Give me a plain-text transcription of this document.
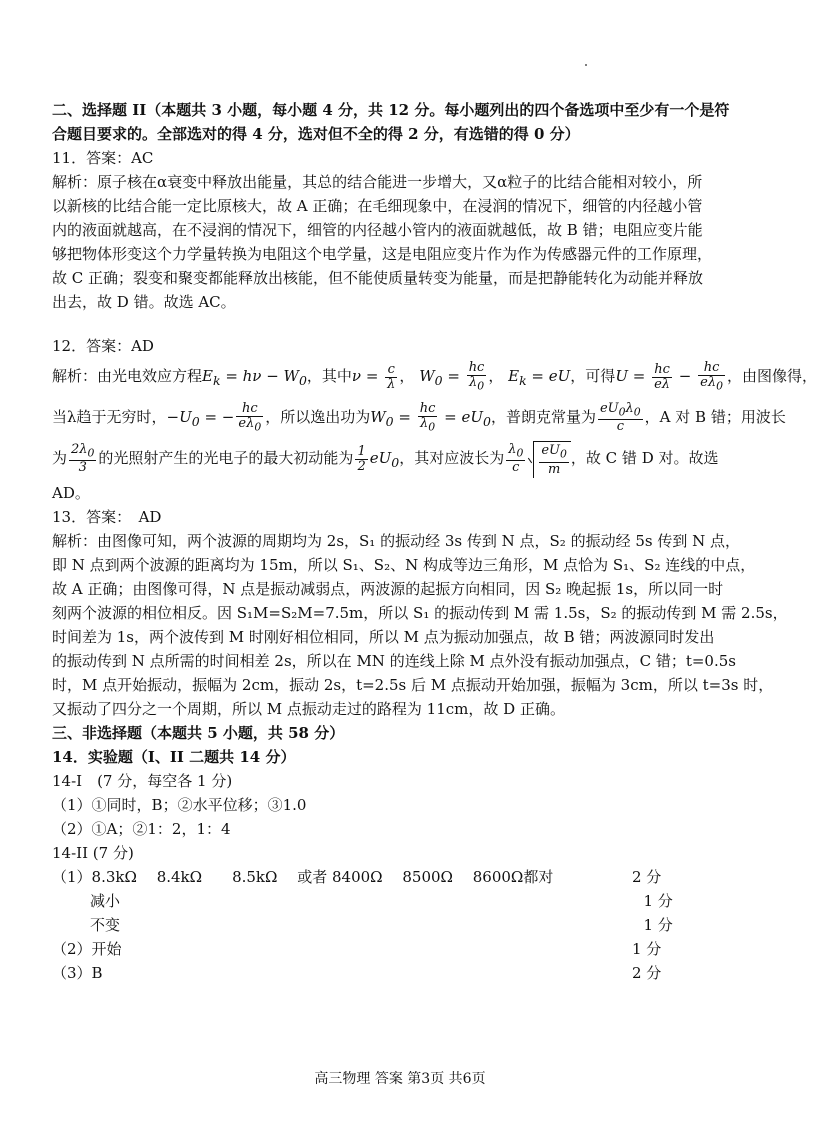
二、选择题 II（本题共 3 小题，每小题 4 分，共 12 分。每小题列出的四个备选项中至少有一个是符
合题目要求的。全部选对的得 4 分，选对但不全的得 2 分，有选错的得 0 分）
11．答案：AC
解析：原子核在α衰变中释放出能量，其总的结合能进一步增大，又α粒子的比结合能相对较小，所
以新核的比结合能一定比原核大，故 A 正确；在毛细现象中，在浸润的情况下，细管的内径越小管
内的液面就越高，在不浸润的情况下，细管的内径越小管内的液面就越低，故 B 错；电阻应变片能
够把物体形变这个力学量转换为电阻这个电学量，这是电阻应变片作为作为传感器元件的工作原理，
故 C 正确；裂变和聚变都能释放出核能，但不能使质量转变为能量，而是把静能转化为动能并释放
出去，故 D 错。故选 AC。
12．答案：AD
解析：由光电效应方程$E_k = h\nu - W_0$，其中$\nu = \frac{c}{\lambda}$ ， $W_0 = \frac{hc}{\lambda_0}$ ， $E_k$ = eU，可得$U = \frac{hc}{e\lambda} - \frac{hc}{e\lambda_0}$ ，由图像得，
当λ趋于无穷时，$-U_0$ = − $\frac{hc}{e\lambda_0}$ ，所以逸出功为$W_0 = \frac{hc}{\lambda_0} = eU_0$，普朗克常量为 $\frac{eU_0\lambda_0}{c}$ ，A 对 B 错；用波长
为 $\frac{2\lambda_0}{3}$ 的光照射产生的光电子的最大初动能为 $\frac{1}{2} eU_0$，其对应波长为 $\frac{\lambda_0}{c} \frac{eU_0}{m}$ ，故 C 错 D 对。故选
AD。
13．答案：　AD
解析：由图像可知，两个波源的周期均为 2s，S₁ 的振动经 3s 传到 N 点，S₂ 的振动经 5s 传到 N 点，
即 N 点到两个波源的距离均为 15m，所以 S₁、S₂、N 构成等边三角形，M 点恰为 S₁、S₂ 连线的中点，
故 A 正确；由图像可得，N 点是振动减弱点，两波源的起振方向相同，因 S₂ 晚起振 1s，所以同一时
刻两个波源的相位相反。因 S₁M=S₂M=7.5m，所以 S₁ 的振动传到 M 需 1.5s，S₂ 的振动传到 M 需 2.5s，
时间差为 1s，两个波传到 M 时刚好相位相同，所以 M 点为振动加强点，故 B 错；两波源同时发出
的振动传到 N 点所需的时间相差 2s，所以在 MN 的连线上除 M 点外没有振动加强点，C 错；t=0.5s
时，M 点开始振动，振幅为 2cm，振动 2s，t=2.5s 后 M 点振动开始加强，振幅为 3cm，所以 t=3s 时，
又振动了四分之一个周期，所以 M 点振动走过的路程为 11cm，故 D 正确。
三、非选择题（本题共 5 小题，共 58 分）
14．实验题（I、II 二题共 14 分）
14-I　(7 分，每空各 1 分)
（1）①同时，B；②水平位移；③1.0
（2）①A；②1：2，1：4
14-II (7 分)
（1）8.3kΩ　 8.4kΩ　　8.5kΩ　 或者 8400Ω　 8500Ω　 8600Ω都对	2 分
减小	1 分
不变	1 分
（2）开始	1 分
（3）B	2 分
高三物理 答案 第3页 共6页
